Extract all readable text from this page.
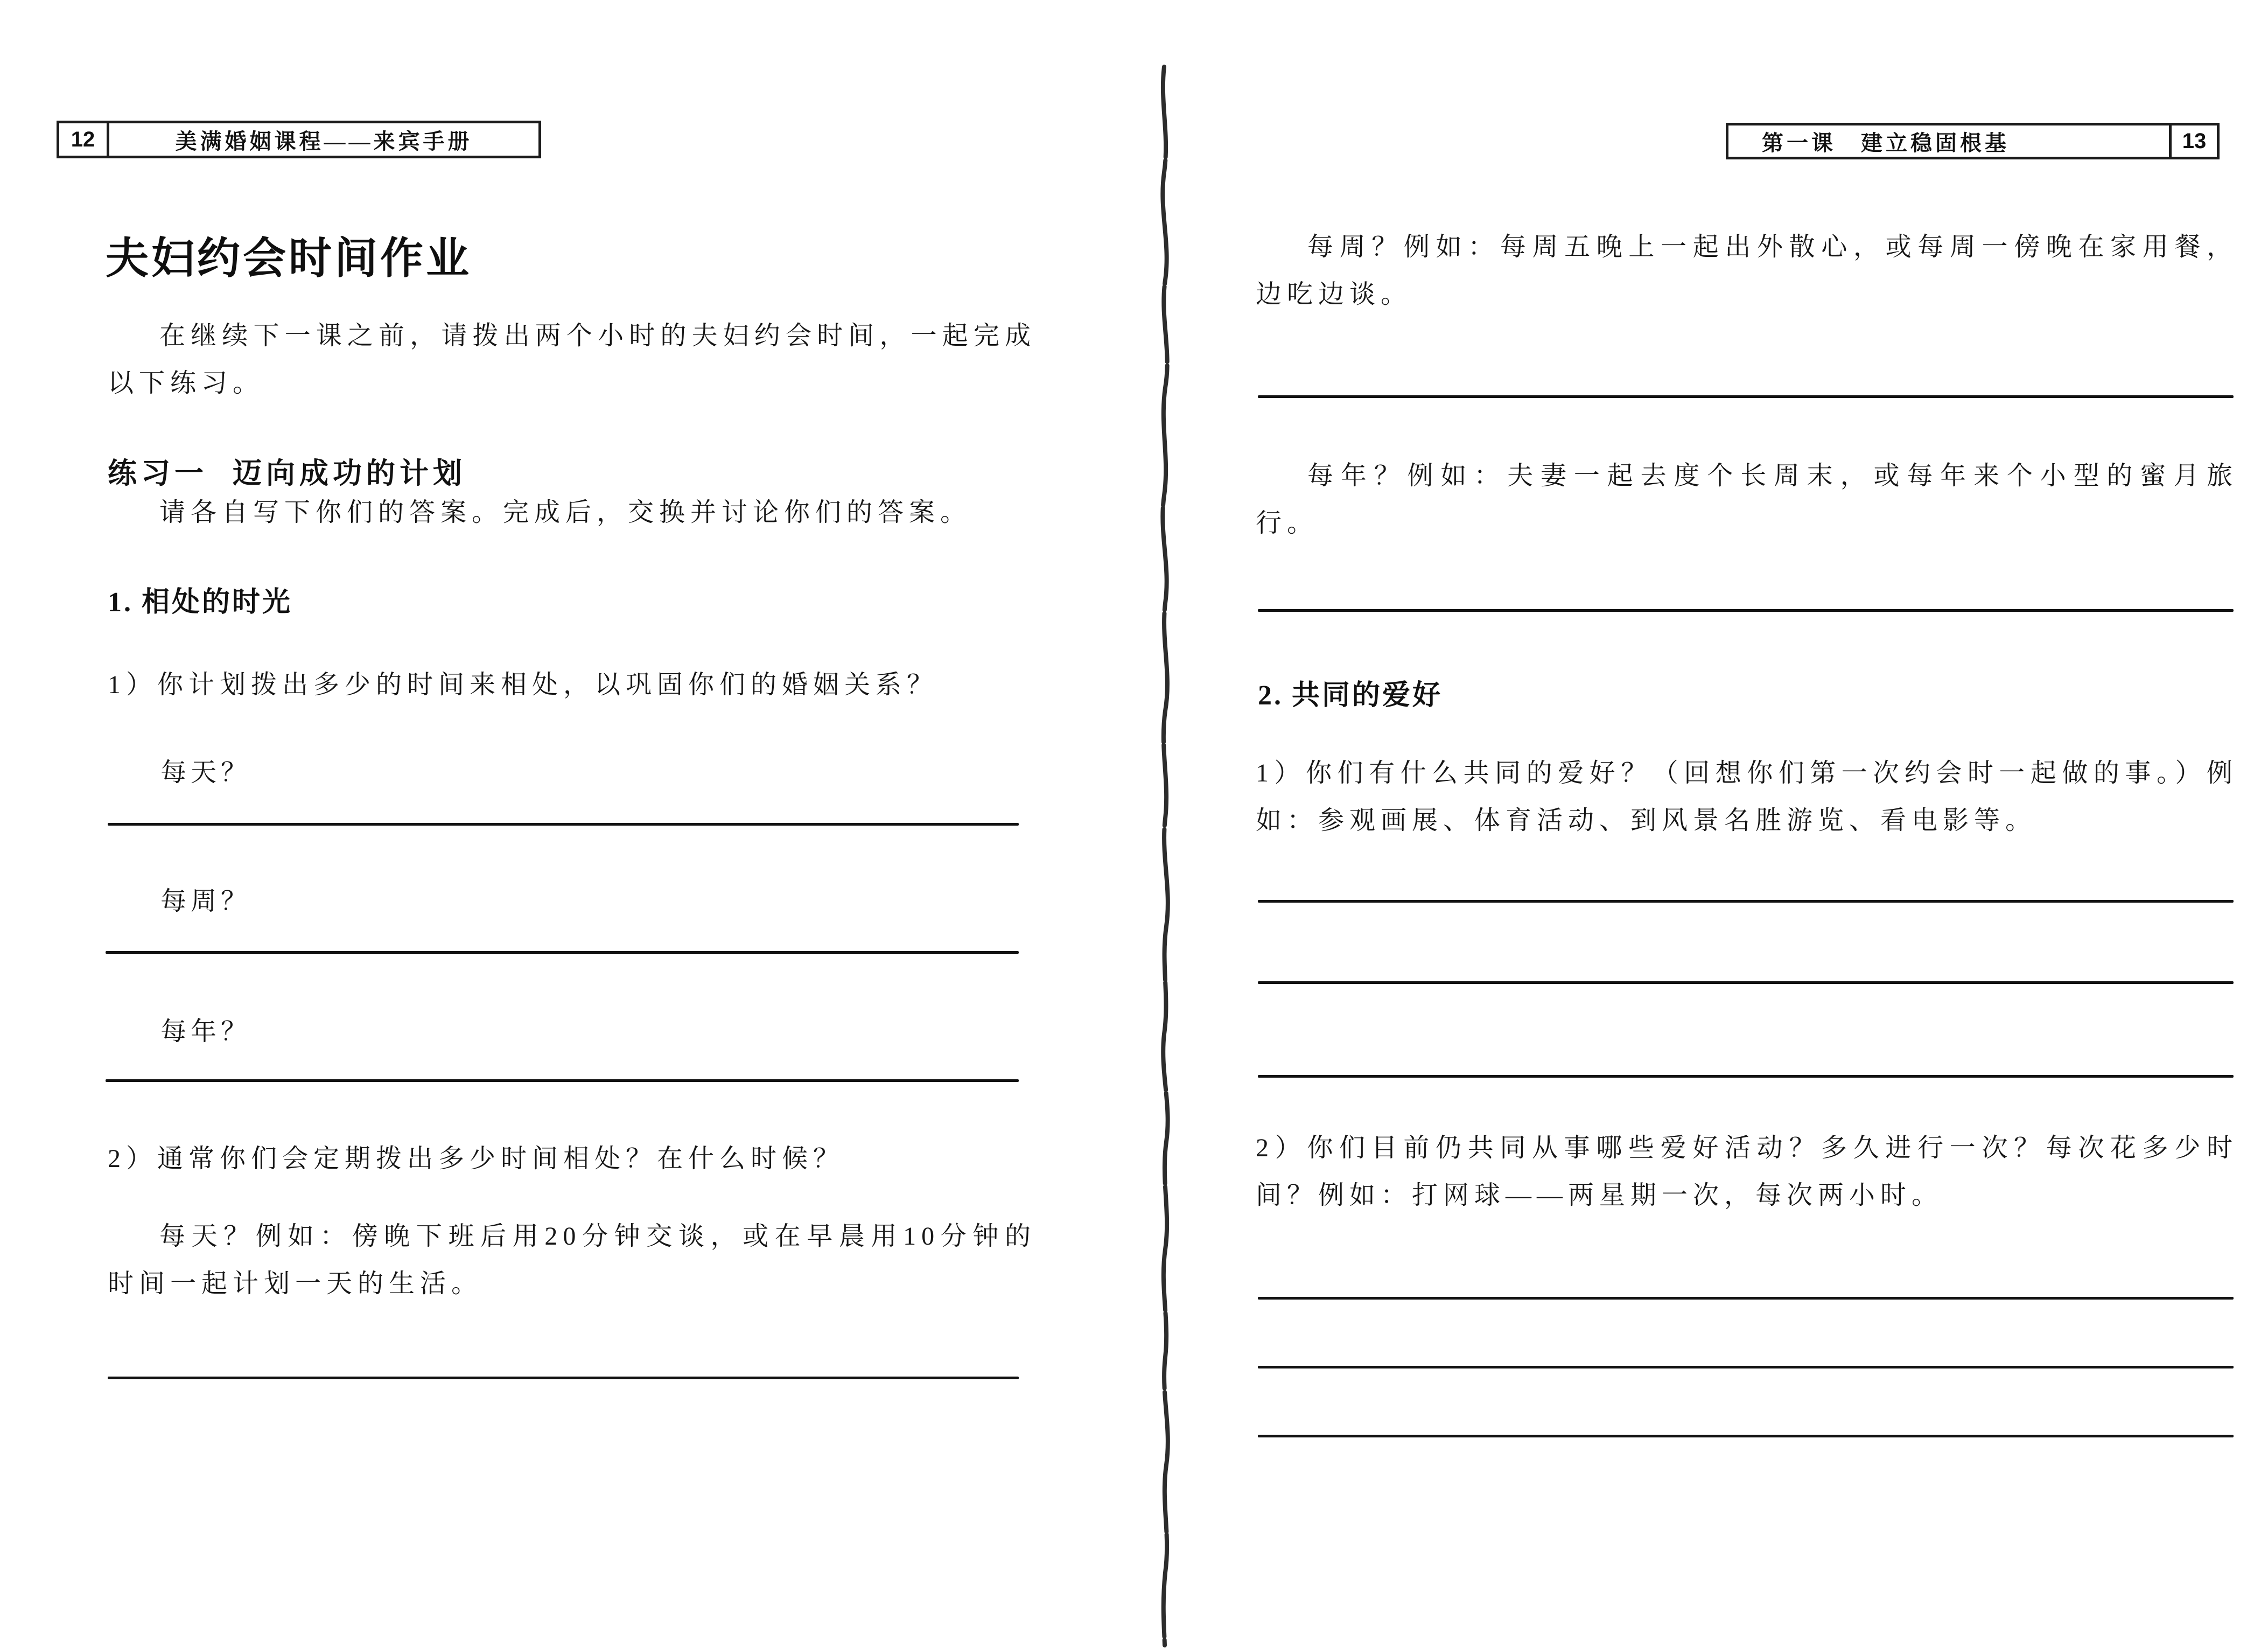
12	美满婚姻课程——来宾手册
夫妇约会时间作业
在继续下一课之前，请拨出两个小时的夫妇约会时间，一起完成以下练习。
练习一 迈向成功的计划
请各自写下你们的答案。完成后，交换并讨论你们的答案。
1. 相处的时光
1）你计划拨出多少的时间来相处，以巩固你们的婚姻关系？
每天？
每周？
每年？
2）通常你们会定期拨出多少时间相处？在什么时候？
每天？例如：傍晚下班后用20分钟交谈，或在早晨用10分钟的时间一起计划一天的生活。
第一课　建立稳固根基	13
每周？例如：每周五晚上一起出外散心，或每周一傍晚在家用餐，边吃边谈。
每年？例如：夫妻一起去度个长周末，或每年来个小型的蜜月旅行。
2. 共同的爱好
1）你们有什么共同的爱好？（回想你们第一次约会时一起做的事。）例如：参观画展、体育活动、到风景名胜游览、看电影等。
2）你们目前仍共同从事哪些爱好活动？多久进行一次？每次花多少时间？例如：打网球——两星期一次，每次两小时。
